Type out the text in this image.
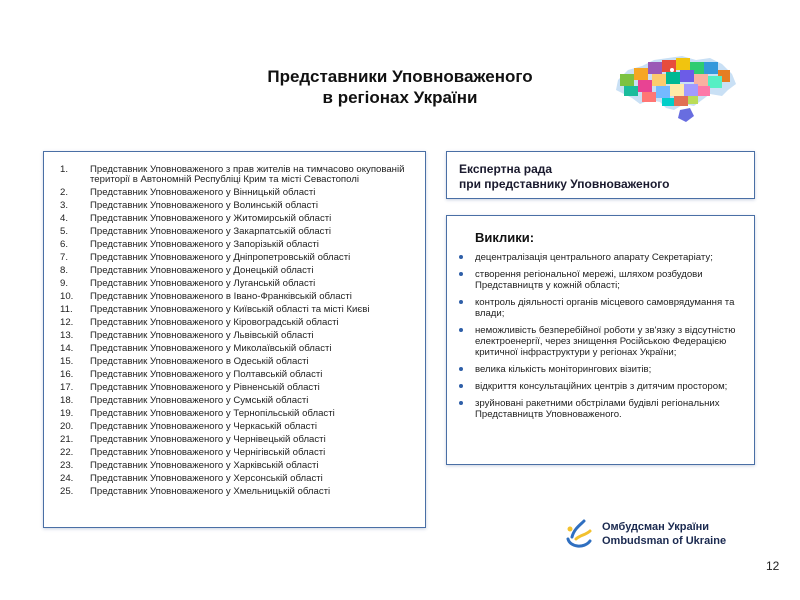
Представники Уповноваженого
в регіонах України
1.	Представник Уповноваженого з прав жителів на тимчасово окупованій території в Автономній Республіці Крим та місті Севастополі
2.	Представник Уповноваженого у Вінницькій області
3.	Представник Уповноваженого у Волинській області
4.	Представник Уповноваженого у Житомирській області
5.	Представник Уповноваженого у Закарпатській області
6.	Представник Уповноваженого у Запорізькій області
7.	Представник Уповноваженого у Дніпропетровській області
8.	Представник Уповноваженого у Донецькій області
9.	Представник Уповноваженого у Луганській області
10.	Представник Уповноваженого в Івано-Франківській області
11.	Представник Уповноваженого у Київській області та місті Києві
12.	Представник Уповноваженого у Кіровоградській області
13.	Представник Уповноваженого у Львівській області
14.	Представник Уповноваженого у Миколаївській області
15.	Представник Уповноваженого в Одеській області
16.	Представник Уповноваженого у Полтавській області
17.	Представник Уповноваженого у Рівненській області
18.	Представник Уповноваженого у Сумській області
19.	Представник Уповноваженого у Тернопільській області
20.	Представник Уповноваженого у Черкаській області
21.	Представник Уповноваженого у Чернівецькій області
22.	Представник Уповноваженого у Чернігівській області
23.	Представник Уповноваженого у Харківській області
24.	Представник Уповноваженого у Херсонській області
25.	Представник Уповноваженого у Хмельницькій області
Експертна рада
при представнику Уповноваженого
Виклики:
децентралізація центрального апарату Секретаріату;
створення регіональної мережі, шляхом розбудови Представництв у кожній області;
контроль діяльності органів місцевого самоврядумання та влади;
неможливість безперебійної роботи у зв'язку з відсутністю електроенергії, через знищення Російською Федерацією критичної інфраструктури у регіонах України;
велика кількість моніторингових візитів;
відкриття консультаційних центрів з дитячим простором;
зруйновані ракетними обстрілами будівлі регіональних Представництв Уповноваженого.
Омбудсман України
Ombudsman of Ukraine
12
